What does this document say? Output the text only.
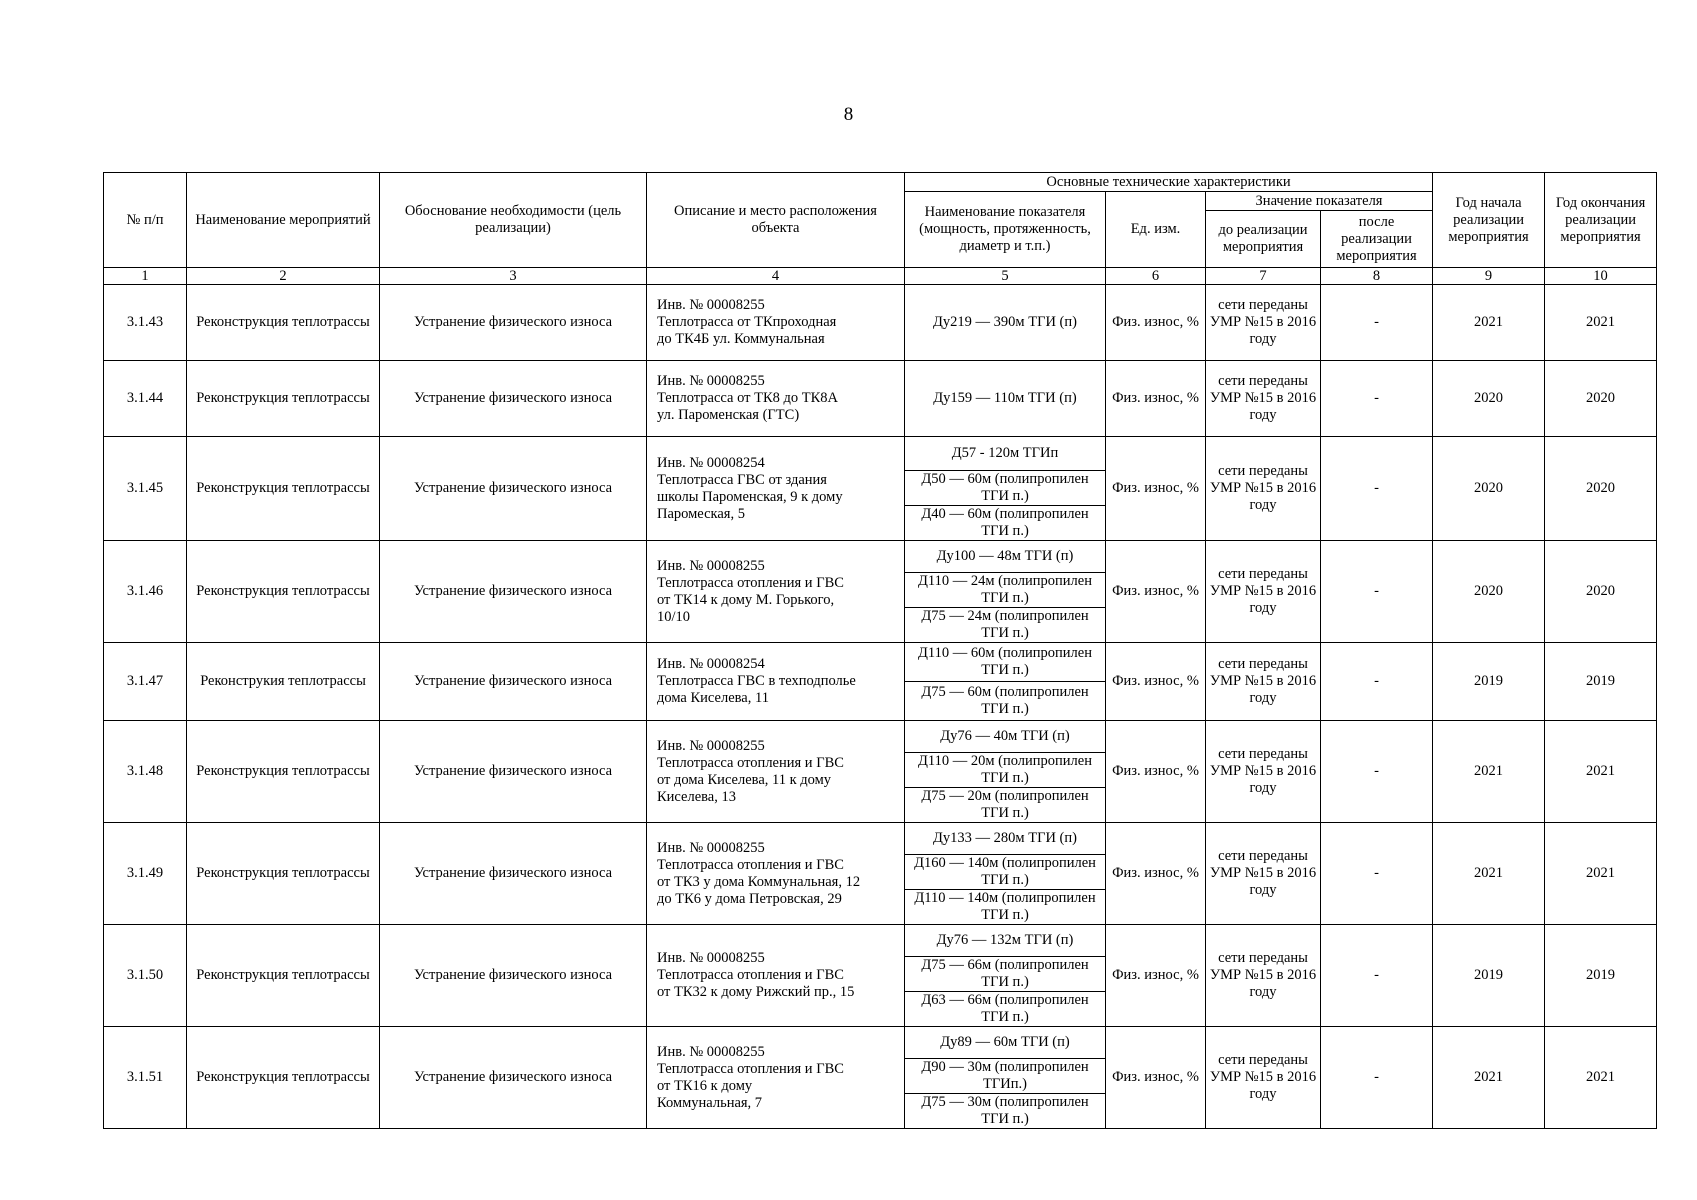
8
№ п/п	Наименование мероприятий	Обоснование необходимости (цель реализации)	Описание и место расположения объекта	Основные технические характеристики				Год начала реализации мероприятия	Год окончания реализации мероприятия
				Наименование показателя (мощность, протяженность, диаметр и т.п.)	Ед. изм.	Значение показателя			
						до реализации мероприятия	после реализации мероприятия		
1	2	3	4	5	6	7	8	9	10
3.1.43	Реконструкция теплотрассы	Устранение физического износа	Инв. № 00008255
Теплотрасса от ТКпроходная
до ТК4Б ул. Коммунальная	Ду219 — 390м ТГИ (п)	Физ. износ, %	сети переданы УМР №15 в 2016 году	-	2021	2021
3.1.44	Реконструкция теплотрассы	Устранение физического износа	Инв. № 00008255
Теплотрасса от ТК8 до ТК8А
ул. Пароменская (ГТС)	Ду159 — 110м ТГИ (п)	Физ. износ, %	сети переданы УМР №15 в 2016 году	-	2020	2020
3.1.45	Реконструкция теплотрассы	Устранение физического износа	Инв. № 00008254
Теплотрасса ГВС от здания
школы Пароменская, 9 к дому
Паромеская, 5	Д57 - 120м ТГИп	Физ. износ, %	сети переданы УМР №15 в 2016 году	-	2020	2020
				Д50 — 60м (полипропилен ТГИ п.)					
				Д40 — 60м (полипропилен ТГИ п.)					
3.1.46	Реконструкция теплотрассы	Устранение физического износа	Инв. № 00008255
Теплотрасса отопления и ГВС
от ТК14 к дому М. Горького,
10/10	Ду100 — 48м ТГИ (п)	Физ. износ, %	сети переданы УМР №15 в 2016 году	-	2020	2020
				Д110 — 24м (полипропилен ТГИ п.)					
				Д75 — 24м (полипропилен ТГИ п.)					
3.1.47	Реконструкия теплотрассы	Устранение физического износа	Инв. № 00008254
Теплотрасса ГВС в техподполье
дома Киселева, 11	Д110 — 60м (полипропилен ТГИ п.)	Физ. износ, %	сети переданы УМР №15 в 2016 году	-	2019	2019
				Д75 — 60м (полипропилен ТГИ п.)					
3.1.48	Реконструкция теплотрассы	Устранение физического износа	Инв. № 00008255
Теплотрасса отопления и ГВС
от дома Киселева, 11 к дому
Киселева, 13	Ду76 — 40м ТГИ (п)	Физ. износ, %	сети переданы УМР №15 в 2016 году	-	2021	2021
				Д110 — 20м (полипропилен ТГИ п.)					
				Д75 — 20м (полипропилен ТГИ п.)					
3.1.49	Реконструкция теплотрассы	Устранение физического износа	Инв. № 00008255
Теплотрасса отопления и ГВС
от ТК3 у дома Коммунальная, 12
до ТК6 у дома Петровская, 29	Ду133 — 280м ТГИ (п)	Физ. износ, %	сети переданы УМР №15 в 2016 году	-	2021	2021
				Д160 — 140м (полипропилен ТГИ п.)					
				Д110 — 140м (полипропилен ТГИ п.)					
3.1.50	Реконструкция теплотрассы	Устранение физического износа	Инв. № 00008255
Теплотрасса отопления и ГВС
от ТК32 к дому Рижский пр., 15	Ду76 — 132м ТГИ (п)	Физ. износ, %	сети переданы УМР №15 в 2016 году	-	2019	2019
				Д75 — 66м (полипропилен ТГИ п.)					
				Д63 — 66м (полипропилен ТГИ п.)					
3.1.51	Реконструкция теплотрассы	Устранение физического износа	Инв. № 00008255
Теплотрасса отопления и ГВС
от ТК16 к дому
Коммунальная, 7	Ду89 — 60м ТГИ (п)	Физ. износ, %	сети переданы УМР №15 в 2016 году	-	2021	2021
				Д90 — 30м (полипропилен ТГИп.)					
				Д75 — 30м (полипропилен ТГИ п.)					
